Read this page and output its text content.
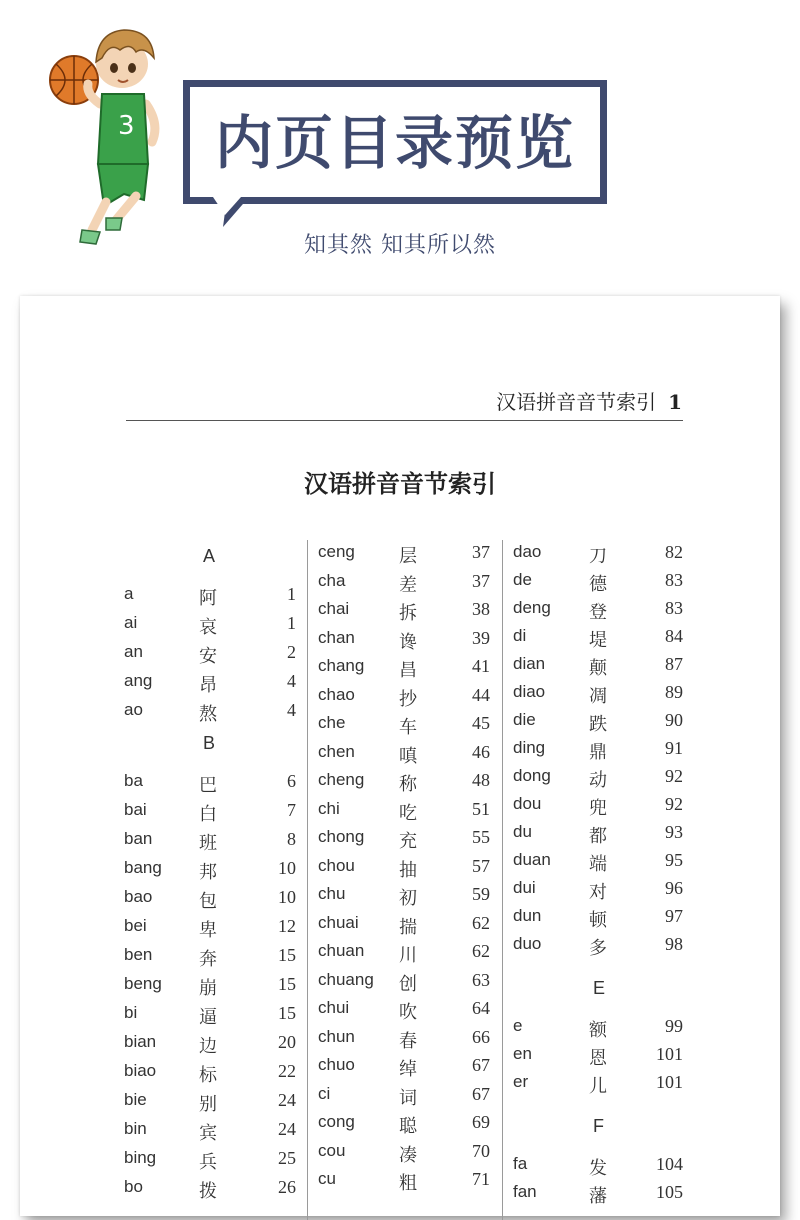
3	内页目录预览
知其然 知其所以然
汉语拼音音节索引 1
汉语拼音音节索引
A
a	阿	1
ai	哀	1
an	安	2
ang	昂	4
ao	熬	4
B
ba	巴	6
bai	白	7
ban	班	8
bang 邦	10
bao	包	10
bei	卑	12
ben	奔	15
beng 崩	15
bi	逼	15
bian 边	20
biao 标	22
bie	别	24
bin	宾	24
bing 兵	25
bo	拨	26
ceng 层	37
cha	差	37
chai	拆	38
chan 谗	39
chang 昌	41
chao 抄	44
che	车	45
chen 嗔	46
cheng 称	48
chi	吃	51
chong 充	55
chou 抽	57
chu	初	59
chuai 揣	62
chuan 川	62
chuang 创	63
chui	吹	64
chun 春	66
chuo 绰	67
ci	词	67
cong 聪	69
cou	凑	70
cu	粗	71
dao	刀	82
de	德	83
deng 登	83
di	堤	84
dian 颠	87
diao 凋	89
die	跌	90
ding 鼎	91
dong 动	92
dou	兜	92
du	都	93
duan 端	95
dui	对	96
dun	顿	97
duo	多	98
E
e	额	99
en	恩	101
er	儿	101
F
fa	发	104
fan	藩	105
